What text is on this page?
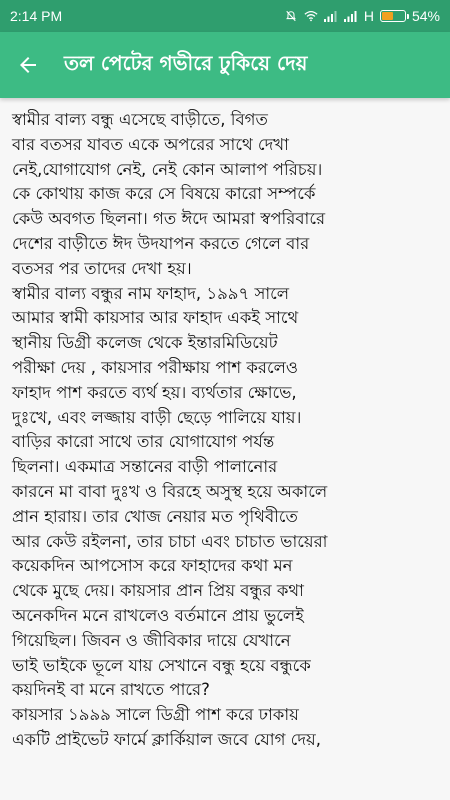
2:14 PM	H	54%
তল পেটের গভীরে ঢুকিয়ে দেয়

স্বামীর বাল্য বন্ধু এসেছে বাড়ীতে, বিগত
বার বতসর যাবত একে অপরের সাথে দেখা
নেই,যোগাযোগ নেই, নেই কোন আলাপ পরিচয়।
কে কোথায় কাজ করে সে বিষয়ে কারো সম্পর্কে
কেউ অবগত ছিলনা। গত ঈদে আমরা স্বপরিবারে
দেশের বাড়ীতে ঈদ উদযাপন করতে গেলে বার
বতসর পর তাদের দেখা হয়।
স্বামীর বাল্য বন্ধুর নাম ফাহাদ, ১৯৯৭ সালে
আমার স্বামী কায়সার আর ফাহাদ একই সাথে
স্থানীয় ডিগ্রী কলেজ থেকে ইন্তারমিডিয়েট
পরীক্ষা দেয় , কায়সার পরীক্ষায় পাশ করলেও
ফাহাদ পাশ করতে ব্যর্থ হয়। ব্যর্থতার ক্ষোভে,
দুঃখে, এবং লজ্জায় বাড়ী ছেড়ে পালিয়ে যায়।
বাড়ির কারো সাথে তার যোগাযোগ পর্যন্ত
ছিলনা। একমাত্র সন্তানের বাড়ী পালানোর
কারনে মা বাবা দুঃখ ও বিরহে অসুস্থ হয়ে অকালে
প্রান হারায়। তার খোজ নেয়ার মত পৃথিবীতে
আর কেউ রইলনা, তার চাচা এবং চাচাত ভায়েরা
কয়েকদিন আপসোস করে ফাহাদের কথা মন
থেকে মুছে দেয়। কায়সার প্রান প্রিয় বন্ধুর কথা
অনেকদিন মনে রাখলেও বর্তমানে প্রায় ভুলেই
গিয়েছিল। জিবন ও জীবিকার দায়ে যেখানে
ভাই ভাইকে ভূলে যায় সেখানে বন্ধু হয়ে বন্ধুকে
কয়দিনই বা মনে রাখতে পারে?
কায়সার ১৯৯৯ সালে ডিগ্রী পাশ করে ঢাকায়
একটি প্রাইভেট ফার্মে ক্লার্কিয়াল জবে যোগ দেয়,
